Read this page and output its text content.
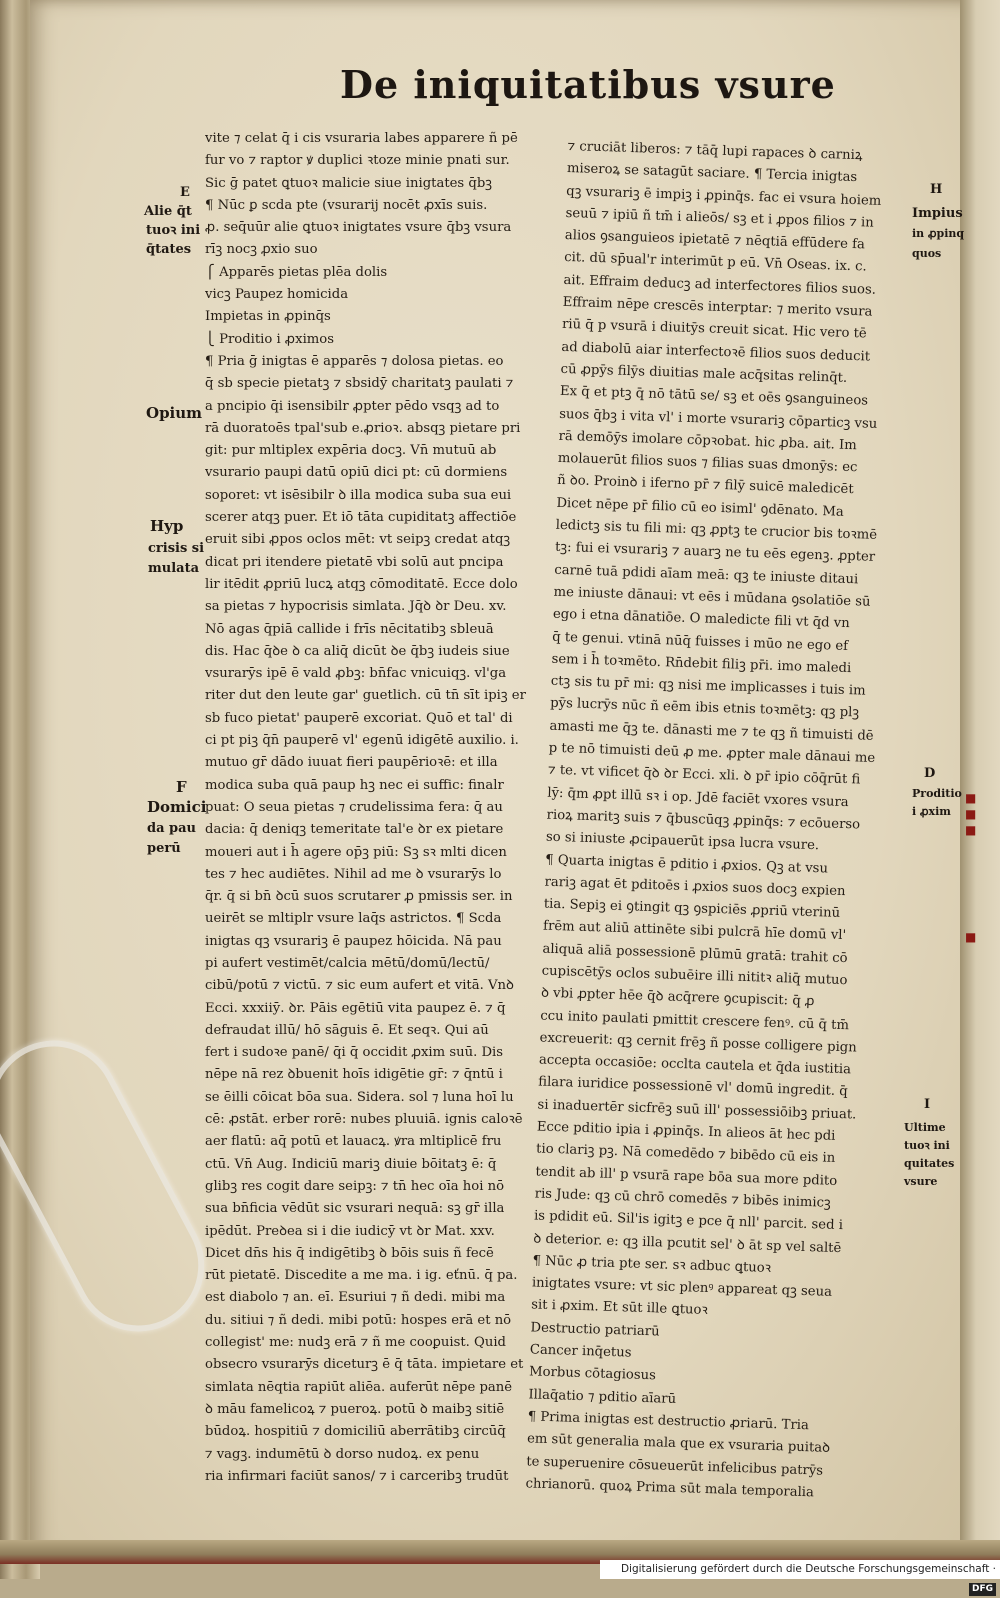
■
■
■
■
De iniquitatibus vsure
vite ⁊ celat q̄ i cis vsuraria labes apparere ñ pē
fur vo ⁊ raptor ꝟ duplici ꝛtoze minie pnati sur.
Sic ḡ patet ꝗtuoꝛ malicie siue inigtates q̄b͏ꝫ
¶ Nūc ꝑ scda pte (vsurarij nocēt ꝓxīs suis.
ꝓ. seq̄uūr alie ꝗtuoꝛ inigtates vsure q̄b͏ꝫ vsura
rī͏ꝫ noc͏ꝫ ꝓxio suo
⎧ Apparēs pietas plēa dolis
vicꝫ Paupez homicida
Impietas in ꝓpinq̄s
⎩ Proditio i ꝓximos
¶ Pria ḡ inigtas ē apparēs ⁊ dolosa pietas. eo
q̄ sb specie pietat͏ꝫ ⁊ sbsidȳ charitat͏ꝫ paulati ⁊
a pncipio q̄i isensibilr ꝓpter pēdo vsq͏ꝫ ad to
rā duoratoēs tpal'sub e.ꝓrioꝛ. absq͏ꝫ pietare pri
git: pur mltiplex expēria doc͏ꝫ. Vn̄ mutuū ab
vsurario paupi datū opiū dici pt: cū dormiens
soporet: vt isēsibilr ꝺ illa modica suba sua eui
scerer atq͏ꝫ puer. Et iō tāta cupiditat͏ꝫ affectiōe
eruit sibi ꝓpos oclos mēt: vt seip͏ꝫ credat atq͏ꝫ
dicat pri itendere pietatē vbi solū aut pncipa
lir itēdit ꝓpriū lucꝝ atq͏ꝫ cōmoditatē. Ecce dolo
sa pietas ⁊ hypocrisis simlata. Jq̄ꝺ ꝺr Deu. xv.
Nō agas q̄piā callide i frīs nēcitatib͏ꝫ sbleuā
dis. Hac q̄ꝺe ꝺ ca aliq̄ dicūt ꝺe q̄b͏ꝫ iudeis siue
vsurarȳs ipē ē vald ꝓb͏ꝫ: bn̄fac vnicuiq͏ꝫ. vl'ga
riter dut den leute gar' guetlich. cū tn̄ sīt ipi͏ꝫ er
sb fuco pietat' pauperē excoriat. Quō et tal' di
ci pt pi͏ꝫ q̄n̄ pauperē vl' egenū idigētē auxilio. i.
mutuo gr̄ dādo iuuat fieri paupērioꝛē: et illa
modica suba quā paup h͏ꝫ nec ei suffic: finalr
puat: O seua pietas ⁊ crudelissima fera: q̄ au
dacia: q̄ deniq͏ꝫ temeritate tal'e ꝺr ex pietare
moueri aut i h̄ agere op̄͏ꝫ piū: S͏ꝫ sꝛ mlti dicen
tes ⁊ hec audiētes. Nihil ad me ꝺ vsurarȳs lo
q̄r. q̄ si bn̄ ꝺcū suos scrutarer ꝓ pmissis ser. in
ueirēt se mltiplr vsure laq̄s astrictos. ¶ Scda
inigtas q͏ꝫ vsurari͏ꝫ ē paupez hōicida. Nā pau
pi aufert vestimēt/calcia mētū/domū/lectū/
cibū/potū ⁊ victū. ⁊ sic eum aufert et vitā. Vnꝺ
Ecci. xxxiiȳ. ꝺr. Pāis egētiū vita paupez ē. ⁊ q̄
defraudat illū/ hō sāguis ē. Et seqꝛ. Qui aū
fert i sudoꝛe panē/ q̄i q̄ occidit ꝓxim suū. Dis
nēpe nā rez ꝺbuenit hoīs idigētie gr̄: ⁊ q̄ntū i
se ēilli cōicat bōa sua. Sidera. sol ⁊ luna hoī lu
cē: ꝓstāt. erber rorē: nubes pluuiā. ignis caloꝛē
aer flatū: aq̄ potū et lauacꝝ. ꝟra mltiplicē fru
ctū. Vn̄ Aug. Indiciū mari͏ꝫ diuie bōitat͏ꝫ ē: q̄
glib͏ꝫ res cogit dare seip͏ꝫ: ⁊ tn̄ hec oīa hoi nō
sua bn̄ficia vēdūt sic vsurari nequā: s͏ꝫ gr̄ illa
ipēdūt. Preꝺea si i die iudicȳ vt ꝺr Mat. xxv.
Dicet dn̄s his q̄ indigētib͏ꝫ ꝺ bōis suis ñ fecē
rūt pietatē. Discedite a me ma. i ig. eťnū. q̄ pa.
est diabolo ⁊ an. eī. Esuriui ⁊ ñ dedi. mibi ma
du. sitiui ⁊ ñ dedi. mibi potū: hospes erā et nō
collegist' me: nud͏ꝫ erā ⁊ ñ me cooꝑuist. Quid
obsecro vsurarȳs dicetur͏ꝫ ē q̄ tāta. impietare et
simlata nēqtia rapiūt aliēa. auferūt nēpe panē
ꝺ māu famelicoꝝ ⁊ pueroꝝ. potū ꝺ maib͏ꝫ sitiē
būdoꝝ. hospitiū ⁊ domiciliū aberrātib͏ꝫ circūq̄
⁊ vag͏ꝫ. indumētū ꝺ dorso nudoꝝ. ex penu
ria infirmari faciūt sanos/ ⁊ i carcerib͏ꝫ trudūt
⁊ cruciāt liberos: ⁊ tāq̄ lupi rapaces ꝺ carniꝝ
miseroꝝ se satagūt saciare. ¶ Tercia inigtas
q͏ꝫ vsurari͏ꝫ ē impi͏ꝫ i ꝓpinq̄s. fac ei vsura hoiem
seuū ⁊ ipiū ñ tm̄ i alieōs/ s͏ꝫ et i ꝓpos filios ⁊ in
alios ꝯsanguieos ipietatē ⁊ nēqtiā effūdere fa
cit. dū sp̄ual'r interimūt p eū. Vn̄ Oseas. ix. c.
ait. Effraim deducꝫ ad interfectores filios suos.
Effraim nēpe crescēs interptar: ⁊ merito vsura
riū q̄ p vsurā i diuitȳs creuit sicat. Hic vero tē
ad diabolū aiar interfectoꝛē filios suos deducit
cū ꝓpȳs filȳs diuitias male acq̄sitas relinq̄t.
Ex q̄ et pt͏ꝫ q̄ nō tātū se/ s͏ꝫ et oēs ꝯsanguineos
suos q̄b͏ꝫ i vita vl' i morte vsurari͏ꝫ cōpartic͏ꝫ vsu
rā demōȳs imolare cōpꝛobat. hic ꝓba. ait. Im
molauerūt filios suos ⁊ filias suas dmonȳs: ec
ñ ꝺo. Proinꝺ i iferno pr̄ ⁊ filȳ suicē maledicēt
Dicet nēpe pr̄ filio cū eo isiml' ꝯdēnato. Ma
ledict͏ꝫ sis tu fili mi: q͏ꝫ ꝓpt͏ꝫ te crucior bis toꝛmē
t͏ꝫ: fui ei vsurari͏ꝫ ⁊ auar͏ꝫ ne tu eēs egen͏ꝫ. ꝓpter
carnē tuā pdidi aīam meā: q͏ꝫ te iniuste ditaui
me iniuste dānaui: vt eēs i mūdana ꝯsolatiōe sū
ego i etna dānatiōe. O maledicte fili vt q̄d vn
q̄ te genui. vtinā nūq̄ fuisses i mūo ne ego ef
sem i h̄ toꝛmēto. Rn̄debit fili͏ꝫ pr̄i. imo maledi
ct͏ꝫ sis tu pr̄ mi: q͏ꝫ nisi me implicasses i tuis im
pȳs lucrȳs nūc ñ eēm ibis etnis toꝛmēt͏ꝫ: q͏ꝫ plꝫ
amasti me q̄ꝫ te. dānasti me ⁊ te q͏ꝫ ñ timuisti dē
p te nō timuisti deū ꝓ me. ꝓpter male dānaui me
⁊ te. vt vificet q̄ꝺ ꝺr Ecci. xli. ꝺ pr̄ ipio cōq̄rūt fi
lȳ: q̄m ꝓpt illū sꝛ i op. Jdē faciēt vxores vsura
rioꝝ marit͏ꝫ suis ⁊ q̄buscūq͏ꝫ ꝓpinq̄s: ⁊ ecōuerso
so si iniuste ꝓcipauerūt ipsa lucra vsure.
¶ Quarta inigtas ē pditio i ꝓxios. Q͏ꝫ at vsu
rari͏ꝫ agat ēt pditoēs i ꝓxios suos doc͏ꝫ expien
tia. Sepi͏ꝫ ei ꝯtingit q͏ꝫ ꝯspiciēs ꝓpriū vterinū
frēm aut aliū attinēte sibi pulcrā hīe domū vl'
aliquā aliā possessionē plūmū gratā: trahit cō
cupiscētȳs oclos subuēire illi nititꝛ aliq̄ mutuo
ꝺ vbi ꝓpter hēe q̄ꝺ acq̄rere ꝯcupiscit: q̄ ꝓ
ccu inito paulati pmittit crescere fenꝰ. cū q̄ tm̄
excreuerit: q͏ꝫ cernit frēꝫ ñ posse colligere pign
accepta occasiōe: occlta cautela et q̄da iustitia
filara iuridice possessionē vl' domū ingredit. q̄
si inaduertēr sicfrēꝫ suū ill' possessiōib͏ꝫ priuat.
Ecce pditio ipia i ꝓpinq̄s. In alieos āt hec pdi
tio clari͏ꝫ pꝫ. Nā comedēdo ⁊ bibēdo cū eis in
tendit ab ill' p vsurā rape bōa sua more pdito
ris Jude: q͏ꝫ cū chrō comedēs ⁊ bibēs inimicꝫ
is pdidit eū. Sil'is igit͏ꝫ e pce q̄ nll' parcit. sed i
ꝺ deterior. e: q͏ꝫ illa pcutit sel' ꝺ āt sp vel saltē
¶ Nūc ꝓ tria pte ser. sꝛ adbuc ꝗtuoꝛ
inigtates vsure: vt sic plenꝰ appareat q͏ꝫ seua
sit i ꝓxim. Et sūt ille ꝗtuoꝛ
Destructio patriarū
Cancer inq̄etus
Morbus cōtagiosus
Illaq̄atio ⁊ pditio aīarū
¶ Prima inigtas est destructio ꝓriarū. Tria
em sūt generalia mala que ex vsuraria puitaꝺ
te superuenire cōsueuerūt infelicibus patrȳs
chrianorū. quoꝝ Prima sūt mala temporalia
E
Alie q̄t
tuoꝛ ini
q̄tates
Opium
Hyp
crisis si
mulata
F
Domici
da pau
perū
H
Impius
in ꝓpinq
quos
D
Proditio
i ꝓxim
I
Ultime
tuoꝛ ini
quitates
vsure
Digitalisierung gefördert durch die Deutsche Forschungsgemeinschaft ·DFG
